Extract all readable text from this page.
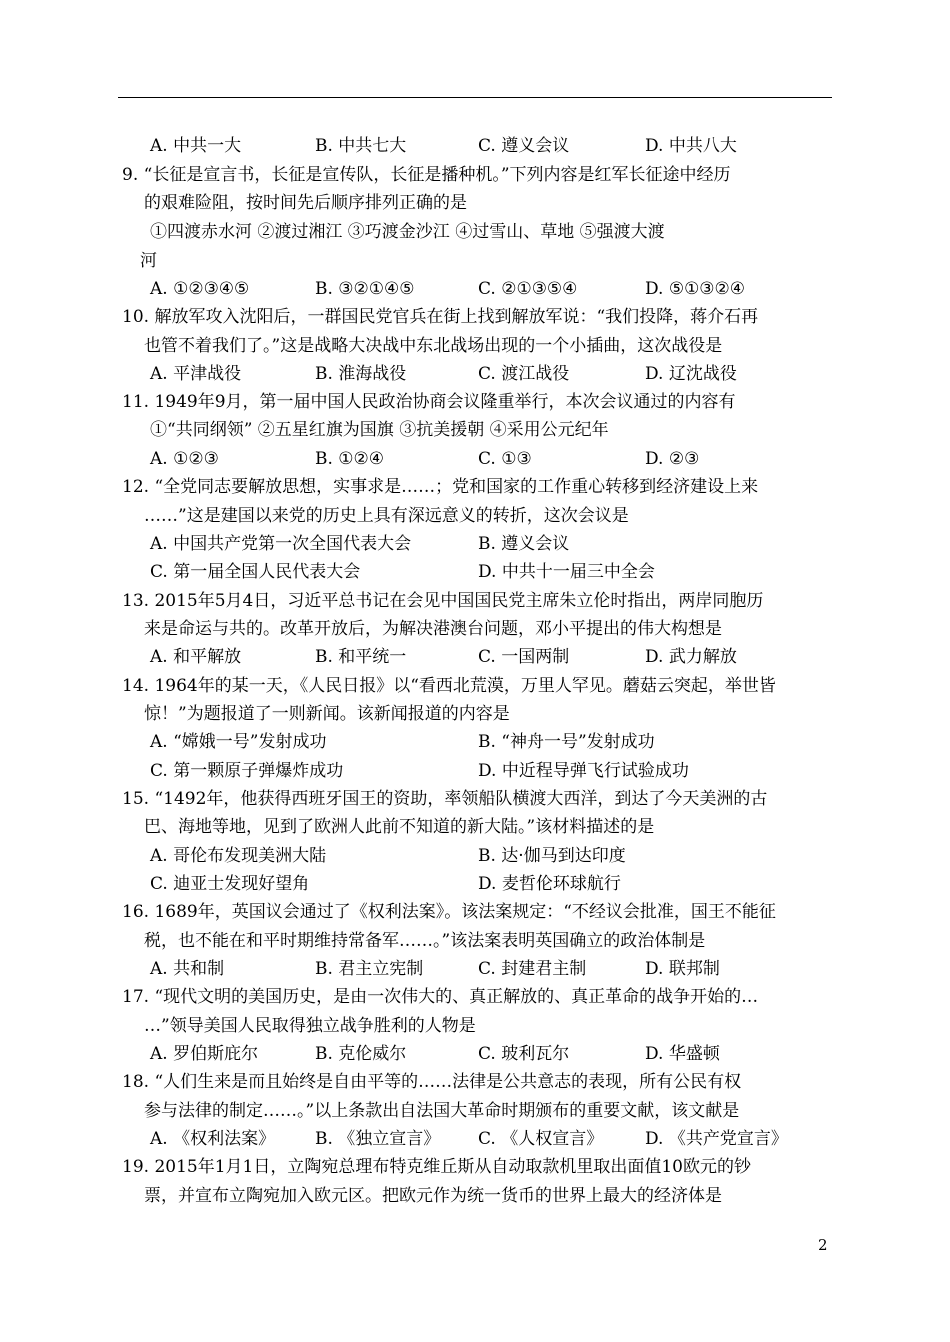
A. 中共一大	B. 中共七大	C. 遵义会议	D. 中共八大
9. “长征是宣言书，长征是宣传队，长征是播种机。”下列内容是红军长征途中经历
的艰难险阻，按时间先后顺序排列正确的是
①四渡赤水河 ②渡过湘江 ③巧渡金沙江 ④过雪山、草地 ⑤强渡大渡
河
A. ①②③④⑤	B. ③②①④⑤	C. ②①③⑤④	D. ⑤①③②④
10. 解放军攻入沈阳后，一群国民党官兵在街上找到解放军说：“我们投降，蒋介石再
也管不着我们了。”这是战略大决战中东北战场出现的一个小插曲，这次战役是
A. 平津战役	B. 淮海战役	C. 渡江战役	D. 辽沈战役
11. 1949年9月，第一届中国人民政治协商会议隆重举行，本次会议通过的内容有
①“共同纲领” ②五星红旗为国旗 ③抗美援朝 ④采用公元纪年
A. ①②③	B. ①②④	C. ①③	D. ②③
12. “全党同志要解放思想，实事求是……；党和国家的工作重心转移到经济建设上来
……”这是建国以来党的历史上具有深远意义的转折，这次会议是
A. 中国共产党第一次全国代表大会	B. 遵义会议
C. 第一届全国人民代表大会	D. 中共十一届三中全会
13. 2015年5月4日，习近平总书记在会见中国国民党主席朱立伦时指出，两岸同胞历
来是命运与共的。改革开放后，为解决港澳台问题，邓小平提出的伟大构想是
A. 和平解放	B. 和平统一	C. 一国两制	D. 武力解放
14. 1964年的某一天，《人民日报》以“看西北荒漠，万里人罕见。蘑菇云突起，举世皆
惊！”为题报道了一则新闻。该新闻报道的内容是
A. “嫦娥一号”发射成功	B. “神舟一号”发射成功
C. 第一颗原子弹爆炸成功	D. 中近程导弹飞行试验成功
15. “1492年，他获得西班牙国王的资助，率领船队横渡大西洋，到达了今天美洲的古
巴、海地等地，见到了欧洲人此前不知道的新大陆。”该材料描述的是
A. 哥伦布发现美洲大陆	B. 达·伽马到达印度
C. 迪亚士发现好望角	D. 麦哲伦环球航行
16. 1689年，英国议会通过了《权利法案》。该法案规定：“不经议会批准，国王不能征
税，也不能在和平时期维持常备军……。”该法案表明英国确立的政治体制是
A. 共和制	B. 君主立宪制	C. 封建君主制	D. 联邦制
17. “现代文明的美国历史，是由一次伟大的、真正解放的、真正革命的战争开始的…
…”领导美国人民取得独立战争胜利的人物是
A. 罗伯斯庇尔	B. 克伦威尔	C. 玻利瓦尔	D. 华盛顿
18. “人们生来是而且始终是自由平等的……法律是公共意志的表现，所有公民有权
参与法律的制定……。”以上条款出自法国大革命时期颁布的重要文献，该文献是
A. 《权利法案》 B. 《独立宣言》 C. 《人权宣言》 D. 《共产党宣言》
19. 2015年1月1日，立陶宛总理布特克维丘斯从自动取款机里取出面值10欧元的钞
票，并宣布立陶宛加入欧元区。把欧元作为统一货币的世界上最大的经济体是
2
